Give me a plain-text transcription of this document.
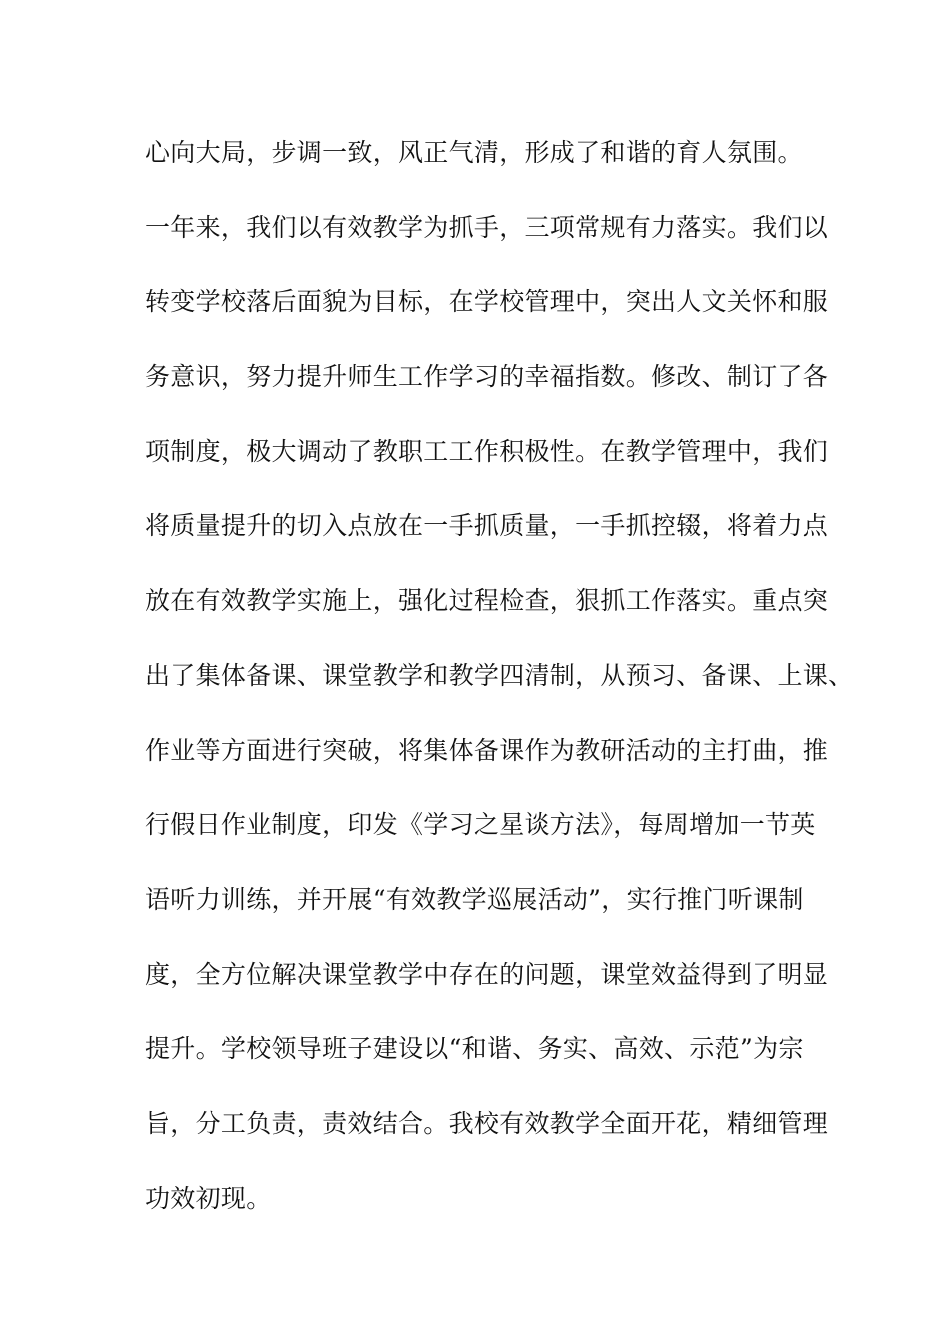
心向大局，步调一致，风正气清，形成了和谐的育人氛围。
一年来，我们以有效教学为抓手，三项常规有力落实。我们以
转变学校落后面貌为目标，在学校管理中，突出人文关怀和服
务意识，努力提升师生工作学习的幸福指数。修改、制订了各
项制度，极大调动了教职工工作积极性。在教学管理中，我们
将质量提升的切入点放在一手抓质量，一手抓控辍，将着力点
放在有效教学实施上，强化过程检查，狠抓工作落实。重点突
出了集体备课、课堂教学和教学四清制，从预习、备课、上课、
作业等方面进行突破，将集体备课作为教研活动的主打曲，推
行假日作业制度，印发《学习之星谈方法》，每周增加一节英
语听力训练，并开展“有效教学巡展活动”，实行推门听课制
度，全方位解决课堂教学中存在的问题，课堂效益得到了明显
提升。学校领导班子建设以“和谐、务实、高效、示范”为宗
旨，分工负责，责效结合。我校有效教学全面开花，精细管理
功效初现。
